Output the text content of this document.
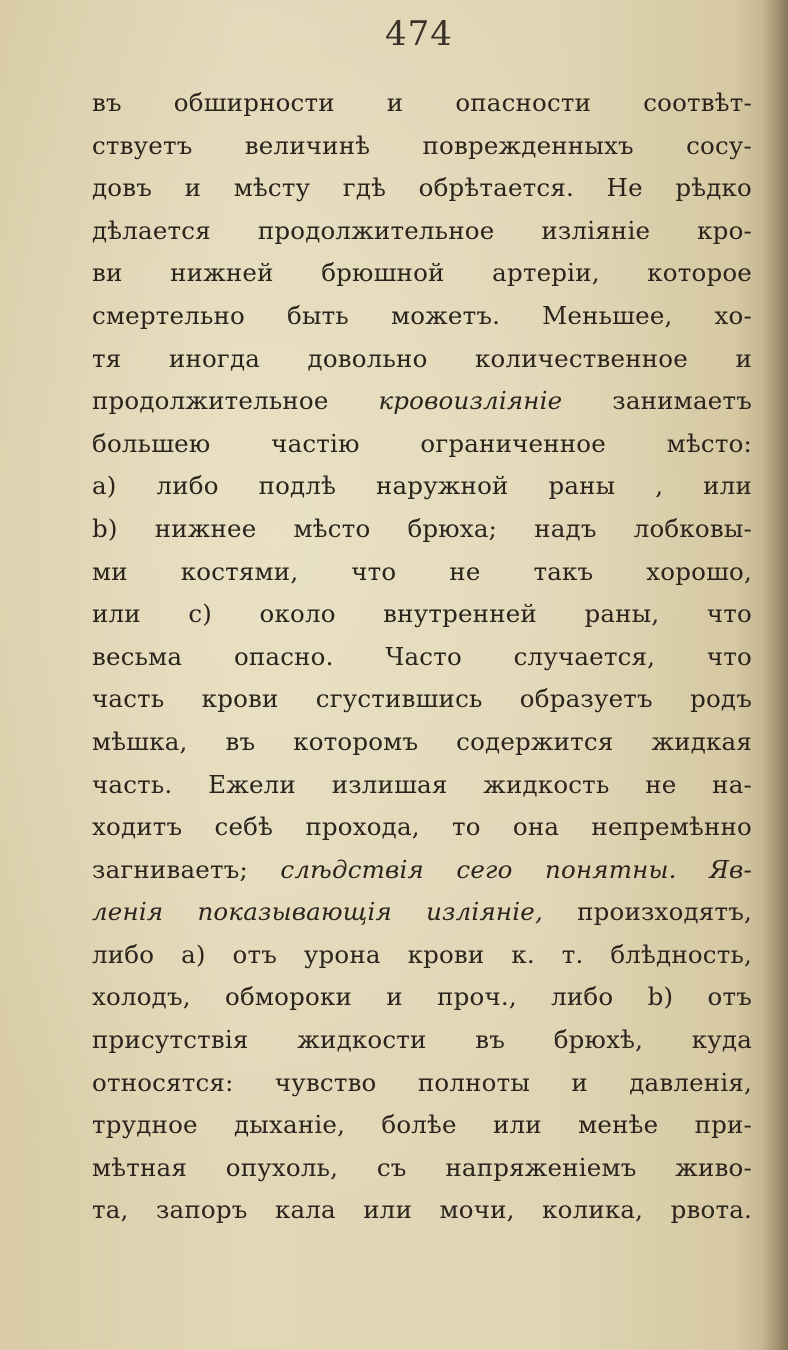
474
въ обширности и опасности соотвѣт-
ствуетъ величинѣ поврежденныхъ сосу-
довъ и мѣсту гдѣ обрѣтается. Не рѣдко
дѣлается продолжительное изліяніе кро-
ви нижней брюшной артеріи, которое
смертельно быть можетъ. Меньшее, хо-
тя иногда довольно количественное и
продолжительное кровоизліяніе занимаетъ
большею частію ограниченное мѣсто:
a) либо подлѣ наружной раны , или
b) нижнее мѣсто брюха; надъ лобковы-
ми костями, что не такъ хорошо,
или c) около внутренней раны, что
весьма опасно. Часто случается, что
часть крови сгустившись образуетъ родъ
мѣшка, въ которомъ содержится жидкая
часть. Ежели излишая жидкость не на-
ходитъ себѣ прохода, то она непремѣнно
загниваетъ; слѣдствія сего понятны. Яв-
ленія показывающія изліяніе, произходятъ,
либо a) отъ урона крови к. т. блѣдность,
холодъ, обмороки и проч., либо b) отъ
присутствія жидкости въ брюхѣ, куда
относятся: чувство полноты и давленія,
трудное дыханіе, болѣе или менѣе при-
мѣтная опухоль, съ напряженіемъ живо-
та, запоръ кала или мочи, колика, рвота.
